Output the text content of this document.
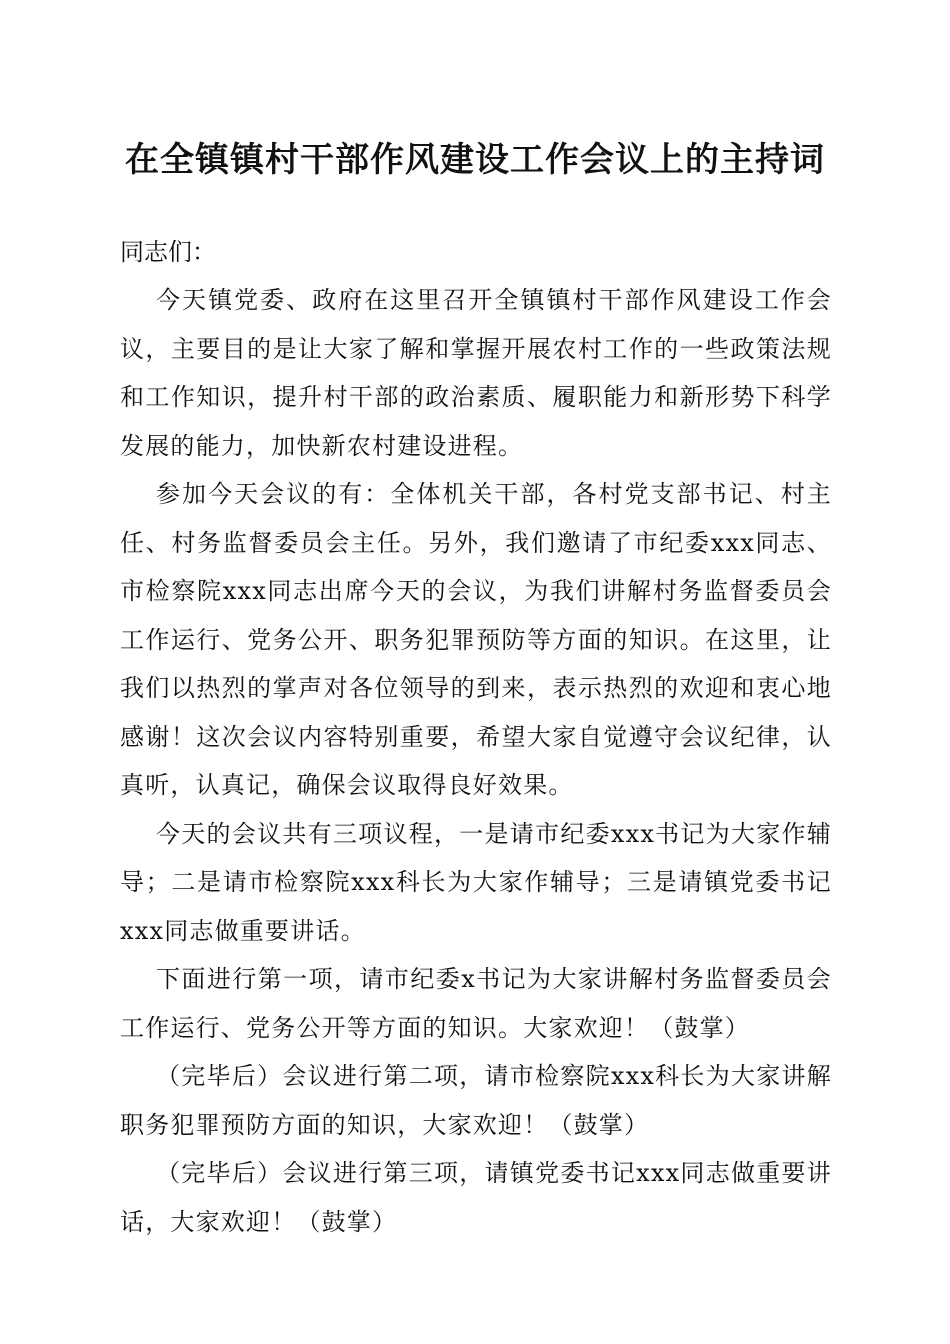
在全镇镇村干部作风建设工作会议上的主持词

同志们：

今天镇党委、政府在这里召开全镇镇村干部作风建设工作会议，主要目的是让大家了解和掌握开展农村工作的一些政策法规和工作知识，提升村干部的政治素质、履职能力和新形势下科学发展的能力，加快新农村建设进程。

参加今天会议的有：全体机关干部，各村党支部书记、村主任、村务监督委员会主任。另外，我们邀请了市纪委xxx同志、市检察院xxx同志出席今天的会议，为我们讲解村务监督委员会工作运行、党务公开、职务犯罪预防等方面的知识。在这里，让我们以热烈的掌声对各位领导的到来，表示热烈的欢迎和衷心地感谢！这次会议内容特别重要，希望大家自觉遵守会议纪律，认真听，认真记，确保会议取得良好效果。

今天的会议共有三项议程，一是请市纪委xxx书记为大家作辅导；二是请市检察院xxx科长为大家作辅导；三是请镇党委书记xxx同志做重要讲话。

下面进行第一项，请市纪委x书记为大家讲解村务监督委员会工作运行、党务公开等方面的知识。大家欢迎！（鼓掌）

（完毕后）会议进行第二项，请市检察院xxx科长为大家讲解职务犯罪预防方面的知识，大家欢迎！（鼓掌）

（完毕后）会议进行第三项，请镇党委书记xxx同志做重要讲话，大家欢迎！（鼓掌）
